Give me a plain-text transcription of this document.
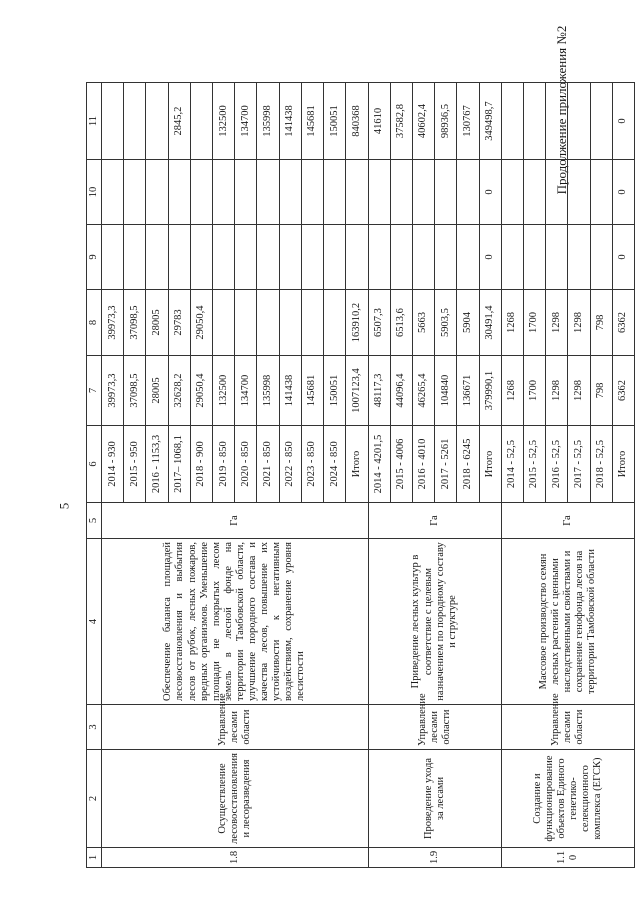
5
Продолжение приложения №2
1	2	3	4	5	6	7	8	9	10	11
1.8	Осуществление лесовосстановления и лесоразведения	Управление лесами области	Обеспечение баланса площадей лесовосстановления и выбытия лесов от рубок, лесных пожаров, вредных организмов. Уменьшение площади не покрытых лесом земель в лесной фонде на территории Тамбовской области, улучшение породного состава и качества лесов, повышение их устойчивости к негативным воздействиям, сохранение уровня лесистости	Га	2014 - 930	39973,3	39973,3			
					2015 - 950	37098,5	37098,5			
					2016 - 1153,3	28005	28005			
					2017– 1068,1	32628,2	29783			2845,2
					2018 - 900	29050,4	29050,4			
					2019 - 850	132500				132500
					2020 - 850	134700				134700
					2021 - 850	135998				135998
					2022 - 850	141438				141438
					2023 - 850	145681				145681
					2024 - 850	150051				150051
					Итого	1007123,4	163910,2			840368
1.9	Проведение ухода за лесами	Управление лесами области	Приведение лесных культур в соответствие с целевым назначением по породному составу и структуре	Га	2014 - 4201,5	48117,3	6507,3			41610
					2015 - 4006	44096,4	6513,6			37582,8
					2016 - 4010	46265,4	5663			40602,4
					2017 - 5261	104840	5903,5			98936,5
					2018 - 6245	136671	5904			130767
					Итого	379990,1	30491,4	0	0	349498,7
1.1 0	Создание и функционирование объектов Единого генетико-селекционного комплекса (ЕГСК)	Управление лесами области	Массовое производство семян лесных растений с ценными наследственными свойствами и сохранение генофонда лесов на территории Тамбовской области	Га	2014 - 52,5	1268	1268			
					2015 - 52,5	1700	1700			
					2016 - 52,5	1298	1298			
					2017 - 52,5	1298	1298			
					2018 - 52,5	798	798			
					Итого	6362	6362	0	0	0
